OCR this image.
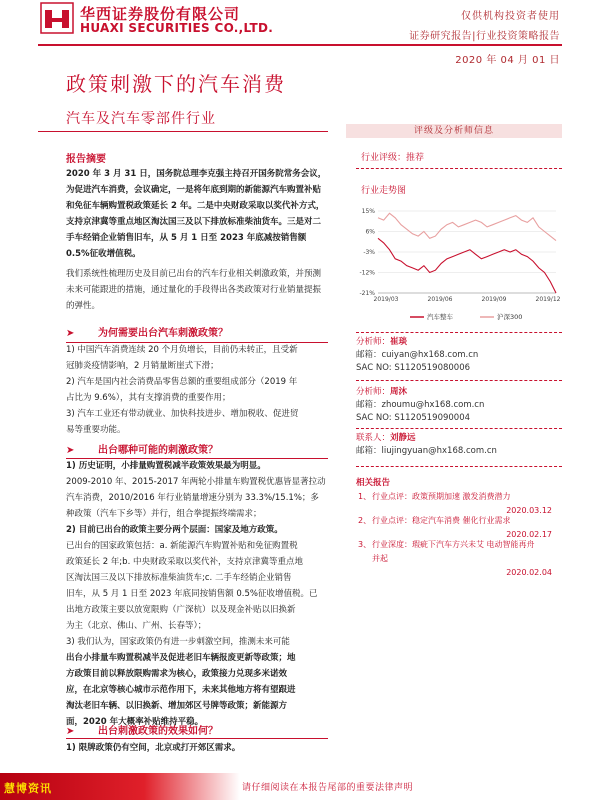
华西证券股份有限公司
HUAXI SECURITIES CO.,LTD.
仅供机构投资者使用
证券研究报告|行业投资策略报告
2020 年 04 月 01 日
政策刺激下的汽车消费
汽车及汽车零部件行业
报告摘要
2020 年 3 月 31 日，国务院总理李克强主持召开国务院常务会议，为促进汽车消费，会议确定，一是将年底到期的新能源汽车购置补贴和免征车辆购置税政策延长 2 年。二是中央财政采取以奖代补方式，支持京津冀等重点地区淘汰国三及以下排放标准柴油货车。三是对二手车经销企业销售旧车，从 5 月 1 日至 2023 年底减按销售额 0.5%征收增值税。
我们系统性梳理历史及目前已出台的汽车行业相关刺激政策，并预测未来可能跟进的措施，通过量化的手段得出各类政策对行业销量提振的弹性。
➤ 为何需要出台汽车刺激政策？
1) 中国汽车消费连续 20 个月负增长，目前仍未转正，且受新
冠肺炎疫情影响，2 月销量断崖式下滑；
2) 汽车是国内社会消费品零售总额的重要组成部分（2019 年
占比为 9.6%），其有支撑消费的重要作用；
3) 汽车工业还有带动就业、加快科技进步、增加税收、促进贸
易等重要功能。
➤ 出台哪种可能的刺激政策？
1) 历史证明，小排量购置税减半政策效果最为明显。
2009-2010 年、2015-2017 年两轮小排量车购置税优惠皆显著拉动
汽车消费，2010/2016 年行业销量增速分别为 33.3%/15.1%；多
种政策（汽车下乡等）并行，组合拳提振终端需求；
2) 目前已出台的政策主要分两个层面：国家及地方政策。
已出台的国家政策包括：a. 新能源汽车购置补贴和免征购置税
政策延长 2 年;b. 中央财政采取以奖代补，支持京津冀等重点地
区淘汰国三及以下排放标准柴油货车;c. 二手车经销企业销售
旧车，从 5 月 1 日至 2023 年底同按销售额 0.5%征收增值税。已
出地方政策主要以放宽限购（广深杭）以及现金补贴以旧换新
为主（北京、佛山、广州、长春等）；
3) 我们认为，国家政策仍有进一步刺激空间，推测未来可能
出台小排量车购置税减半及促进老旧车辆报废更新等政策；地
方政策目前以释放限购需求为核心，政策接力兑现多米诺效
应，在北京等核心城市示范作用下，未来其他地方将有望跟进
淘汰老旧车辆、以旧换新、增加郊区号牌等政策；新能源方
面，2020 年大概率补贴维持平稳。
➤ 出台刺激政策的效果如何？
1) 限牌政策仍有空间，北京或打开郊区需求。
评级及分析师信息
行业评级：推荐
行业走势图
15%
6%
-3%
-12%
-21%
2019/03	2019/06	2019/09	2019/12
汽车整车	沪深300
分析师：崔琰
邮箱：cuiyan@hx168.com.cn
SAC NO: S1120519080006
分析师：周沐
邮箱：zhoumu@hx168.com.cn
SAC NO: S1120519090004
联系人：刘静远
邮箱：liujingyuan@hx168.com.cn
相关报告
1、行业点评：政策预期加速 激发消费潜力
2020.03.12
2、行业点评：稳定汽车消费 催化行业需求
2020.02.17
3、行业深度：瑕疵下汽车方兴未艾 电动智能再舟
并起
2020.02.04
慧博资讯	请仔细阅读在本报告尾部的重要法律声明
